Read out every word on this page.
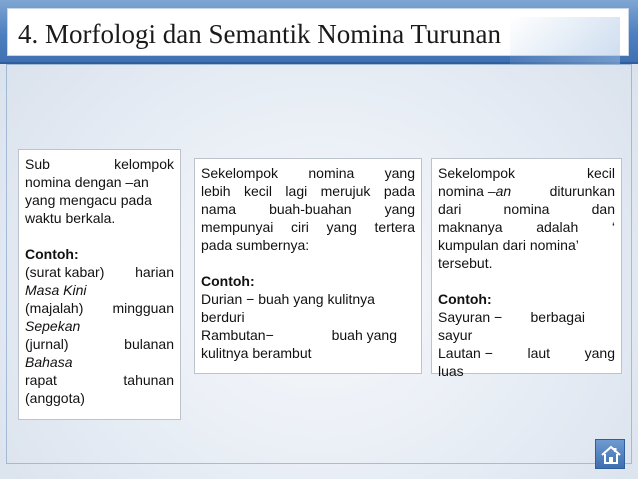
4. Morfologi dan Semantik Nomina Turunan
Sub	kelompok
nomina dengan –an
yang mengacu pada
waktu berkala.
Contoh:
(surat kabar) harian
Masa Kini
(majalah) mingguan
Sepekan
(jurnal)	bulanan
Bahasa
rapat	tahunan
(anggota)
Sekelompok nomina yang
lebih kecil lagi merujuk pada
nama buah-buahan yang
mempunyai ciri yang tertera
pada sumbernya:
Contoh:
Durian − buah yang kulitnya
berduri
Rambutan−	buah yang
kulitnya berambut
Sekelompok	kecil
nomina –an	diturunkan
dari	nomina	dan
maknanya adalah ‘
kumpulan dari nomina’
tersebut.
Contoh:
Sayuran − berbagai
sayur
Lautan − laut yang
luas
